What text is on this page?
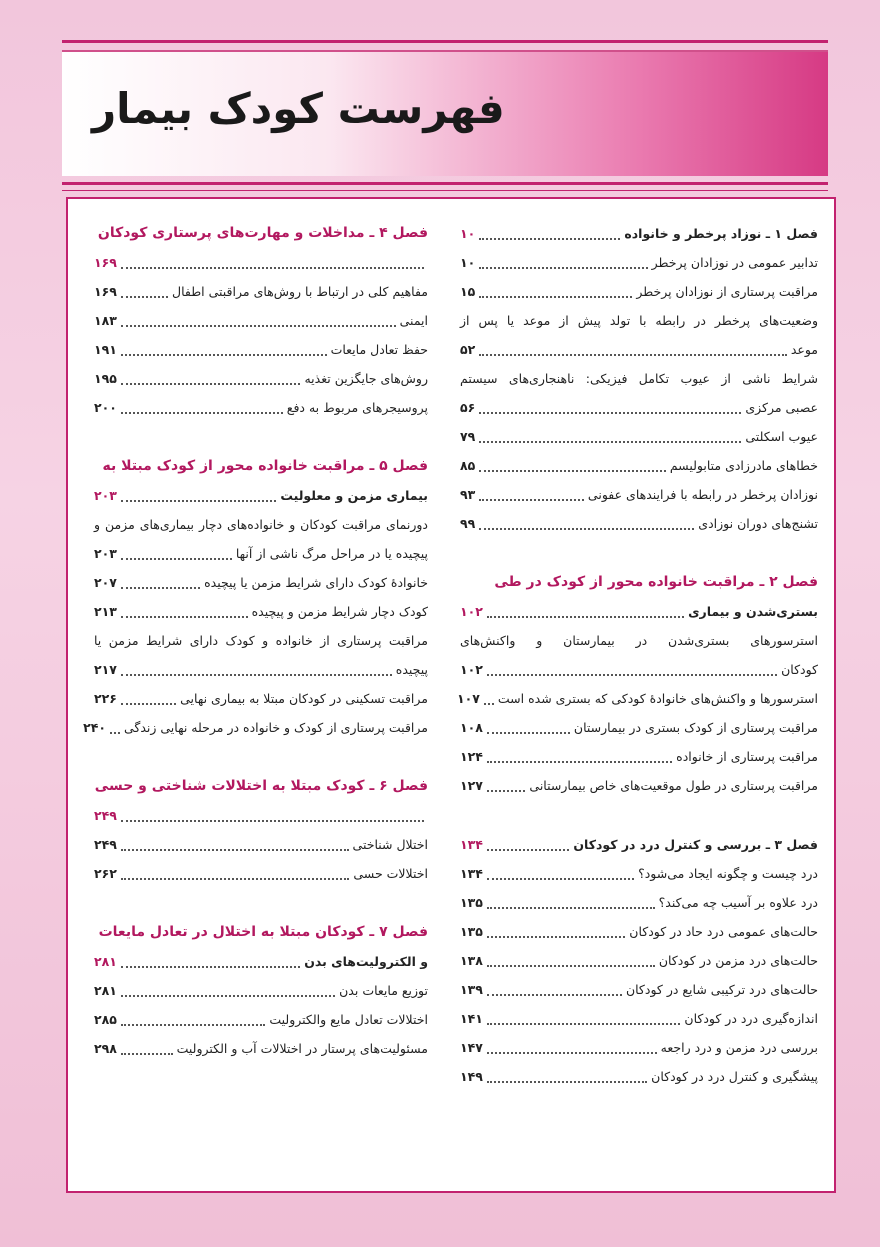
فهرست کودک بیمار
فصل ۱ ـ نوزاد پرخطر و خانواده
۱۰
تدابیر عمومی در نوزادان پرخطر
۱۰
مراقبت پرستاری از نوزادان پرخطر
۱۵
وضعیت‌های پرخطر در رابطه با تولد پیش از موعد یا پس از
موعد
۵۲
شرایط ناشی از عیوب تکامل فیزیکی: ناهنجاری‌های سیستم
عصبی مرکزی
۵۶
عیوب اسکلتی
۷۹
خطاهای مادرزادی متابولیسم
۸۵
نوزادان پرخطر در رابطه با فرایندهای عفونی
۹۳
تشنج‌های دوران نوزادی
۹۹
فصل ۲ ـ مراقبت خانواده محور از کودک در طی
بستری‌شدن و بیماری
۱۰۲
استرسورهای بستری‌شدن در بیمارستان و واکنش‌های
کودکان
۱۰۲
استرسورها و واکنش‌های خانوادهٔ کودکی که بستری شده است
۱۰۷
مراقبت پرستاری از کودک بستری در بیمارستان
۱۰۸
مراقبت پرستاری از خانواده
۱۲۴
مراقبت پرستاری در طول موقعیت‌های خاص بیمارستانی
۱۲۷
فصل ۳ ـ بررسی و کنترل درد در کودکان
۱۳۴
درد چیست و چگونه ایجاد می‌شود؟
۱۳۴
درد علاوه بر آسیب چه می‌کند؟
۱۳۵
حالت‌های عمومی درد حاد در کودکان
۱۳۵
حالت‌های درد مزمن در کودکان
۱۳۸
حالت‌های درد ترکیبی شایع در کودکان
۱۳۹
اندازه‌گیری درد در کودکان
۱۴۱
بررسی درد مزمن و درد راجعه
۱۴۷
پیشگیری و کنترل درد در کودکان
۱۴۹
فصل ۴ ـ مداخلات و مهارت‌های پرستاری کودکان
۱۶۹
مفاهیم کلی در ارتباط با روش‌های مراقبتی اطفال
۱۶۹
ایمنی
۱۸۳
حفظ تعادل مایعات
۱۹۱
روش‌های جایگزین تغذیه
۱۹۵
پروسیجرهای مربوط به دفع
۲۰۰
فصل ۵ ـ مراقبت خانواده محور از کودک مبتلا به
بیماری مزمن و معلولیت
۲۰۳
دورنمای مراقبت کودکان و خانواده‌های دچار بیماری‌های مزمن و
پیچیده یا در مراحل مرگ ناشی از آنها
۲۰۳
خانوادهٔ کودک دارای شرایط مزمن یا پیچیده
۲۰۷
کودک دچار شرایط مزمن و پیچیده
۲۱۳
مراقبت پرستاری از خانواده و کودک دارای شرایط مزمن یا
پیچیده
۲۱۷
مراقبت تسکینی در کودکان مبتلا به بیماری نهایی
۲۲۶
مراقبت پرستاری از کودک و خانواده در مرحله نهایی زندگی
۲۴۰
فصل ۶ ـ کودک مبتلا به اختلالات شناختی و حسی
۲۴۹
اختلال شناختی
۲۴۹
اختلالات حسی
۲۶۲
فصل ۷ ـ کودکان مبتلا به اختلال در تعادل مایعات
و الکترولیت‌های بدن
۲۸۱
توزیع مایعات بدن
۲۸۱
اختلالات تعادل مایع والکترولیت
۲۸۵
مسئولیت‌های پرستار در اختلالات آب و الکترولیت
۲۹۸
